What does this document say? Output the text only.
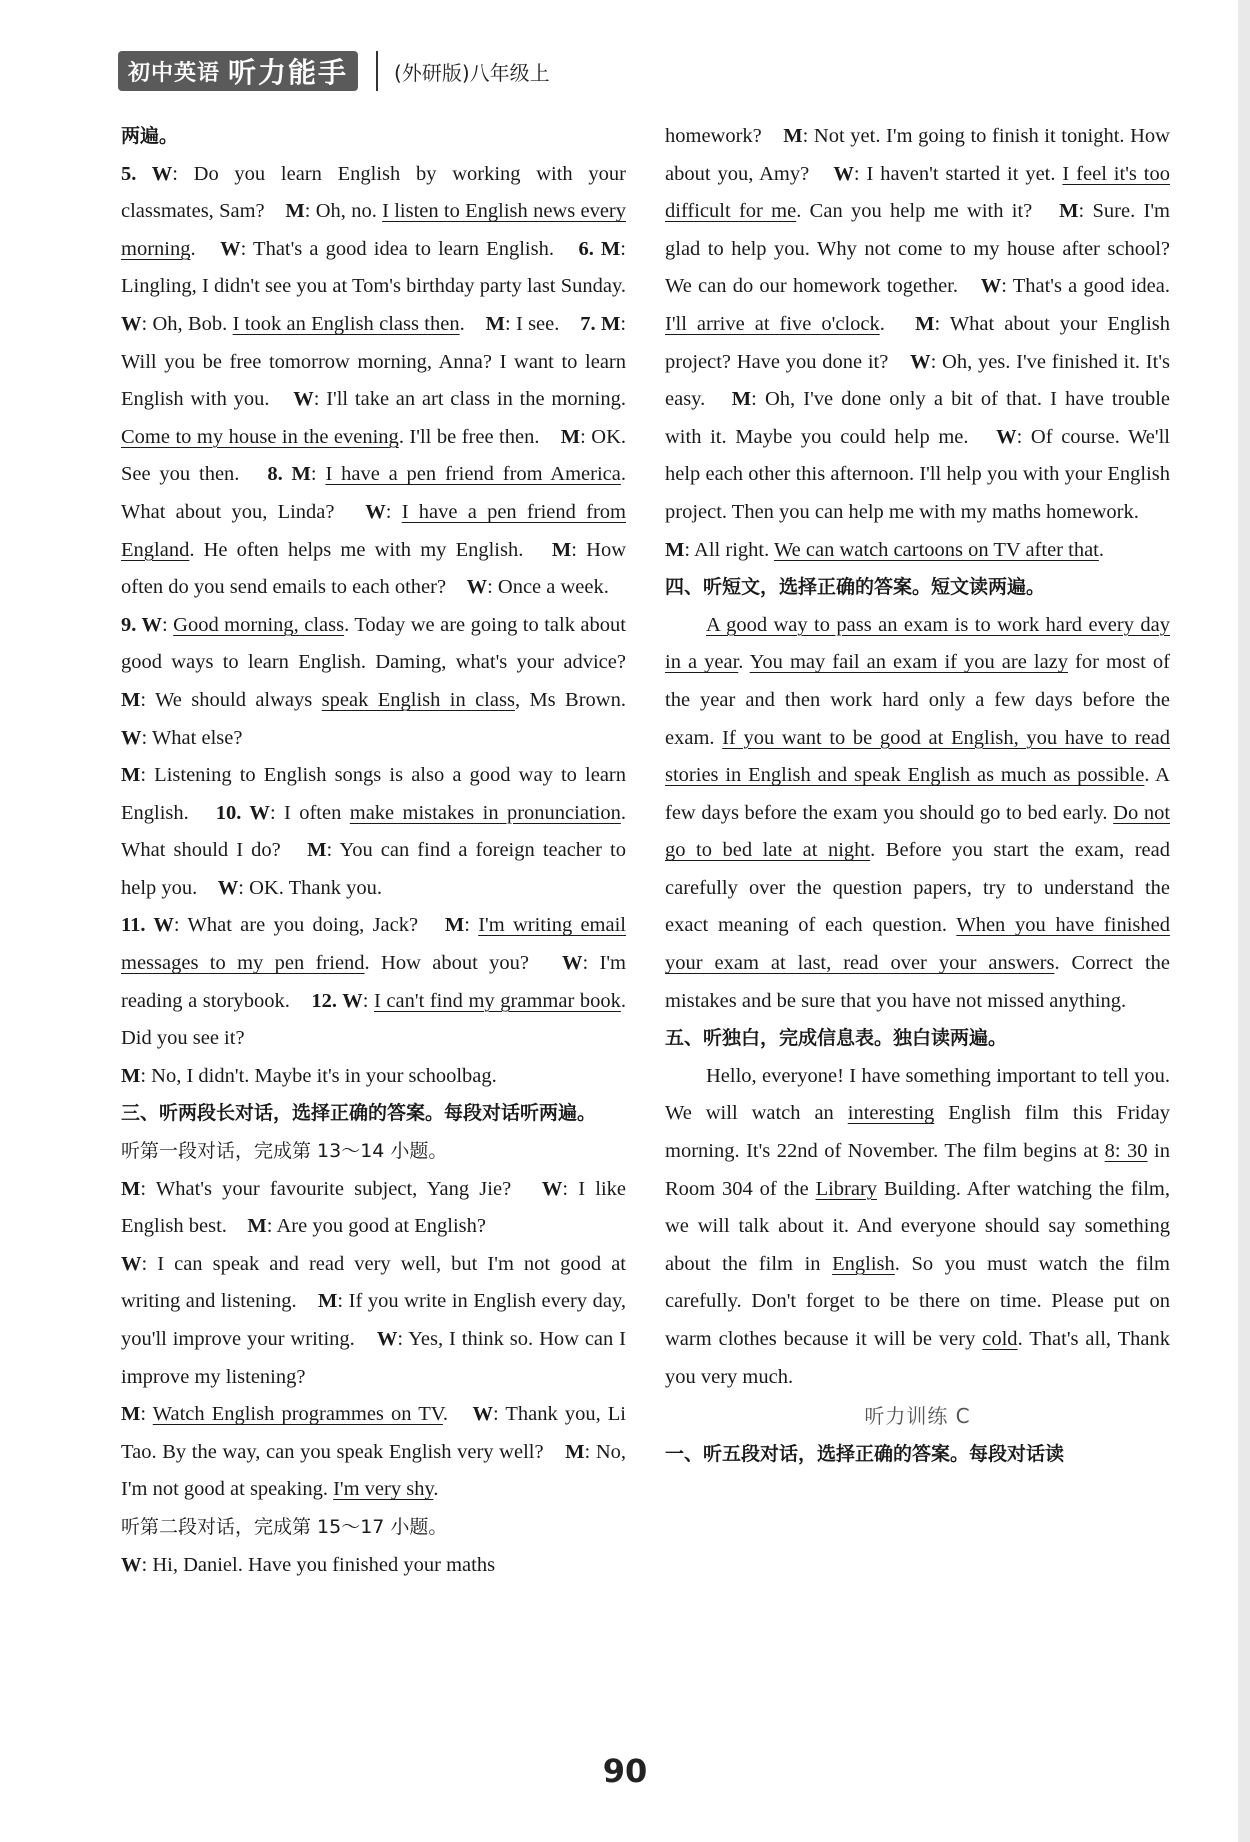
初中英语 听力能手 (外研版)八年级上

两遍。

5. W: Do you learn English by working with your classmates, Sam?　M: Oh, no. I listen to English news every morning.　W: That's a good idea to learn English.　6. M: Lingling, I didn't see you at Tom's birthday party last Sunday.　W: Oh, Bob. I took an English class then.　M: I see.　7. M: Will you be free tomorrow morning, Anna? I want to learn English with you.　W: I'll take an art class in the morning. Come to my house in the evening. I'll be free then.　M: OK. See you then.　8. M: I have a pen friend from America. What about you, Linda?　W: I have a pen friend from England. He often helps me with my English.　M: How often do you send emails to each other?　W: Once a week.

9. W: Good morning, class. Today we are going to talk about good ways to learn English. Daming, what's your advice?　M: We should always speak English in class, Ms Brown.　W: What else?

M: Listening to English songs is also a good way to learn English.　10. W: I often make mistakes in pronunciation. What should I do?　M: You can find a foreign teacher to help you.　W: OK. Thank you.

11. W: What are you doing, Jack?　M: I'm writing email messages to my pen friend. How about you?　W: I'm reading a storybook.　12. W: I can't find my grammar book. Did you see it?

M: No, I didn't. Maybe it's in your schoolbag.

三、听两段长对话，选择正确的答案。每段对话听两遍。

听第一段对话，完成第 13～14 小题。

M: What's your favourite subject, Yang Jie?　W: I like English best.　M: Are you good at English?

W: I can speak and read very well, but I'm not good at writing and listening.　M: If you write in English every day, you'll improve your writing.　W: Yes, I think so. How can I improve my listening?

M: Watch English programmes on TV.　W: Thank you, Li Tao. By the way, can you speak English very well?　M: No, I'm not good at speaking. I'm very shy.

听第二段对话，完成第 15～17 小题。

W: Hi, Daniel. Have you finished your maths

homework?　M: Not yet. I'm going to finish it tonight. How about you, Amy?　W: I haven't started it yet. I feel it's too difficult for me. Can you help me with it?　M: Sure. I'm glad to help you. Why not come to my house after school? We can do our homework together.　W: That's a good idea. I'll arrive at five o'clock.　M: What about your English project? Have you done it?　W: Oh, yes. I've finished it. It's easy.　M: Oh, I've done only a bit of that. I have trouble with it. Maybe you could help me.　W: Of course. We'll help each other this afternoon. I'll help you with your English project. Then you can help me with my maths homework.

M: All right. We can watch cartoons on TV after that.

四、听短文，选择正确的答案。短文读两遍。

A good way to pass an exam is to work hard every day in a year. You may fail an exam if you are lazy for most of the year and then work hard only a few days before the exam. If you want to be good at English, you have to read stories in English and speak English as much as possible. A few days before the exam you should go to bed early. Do not go to bed late at night. Before you start the exam, read carefully over the question papers, try to understand the exact meaning of each question. When you have finished your exam at last, read over your answers. Correct the mistakes and be sure that you have not missed anything.

五、听独白，完成信息表。独白读两遍。

Hello, everyone! I have something important to tell you. We will watch an interesting English film this Friday morning. It's 22nd of November. The film begins at 8: 30 in Room 304 of the Library Building. After watching the film, we will talk about it. And everyone should say something about the film in English. So you must watch the film carefully. Don't forget to be there on time. Please put on warm clothes because it will be very cold. That's all, Thank you very much.

听力训练 C

一、听五段对话，选择正确的答案。每段对话读

90
